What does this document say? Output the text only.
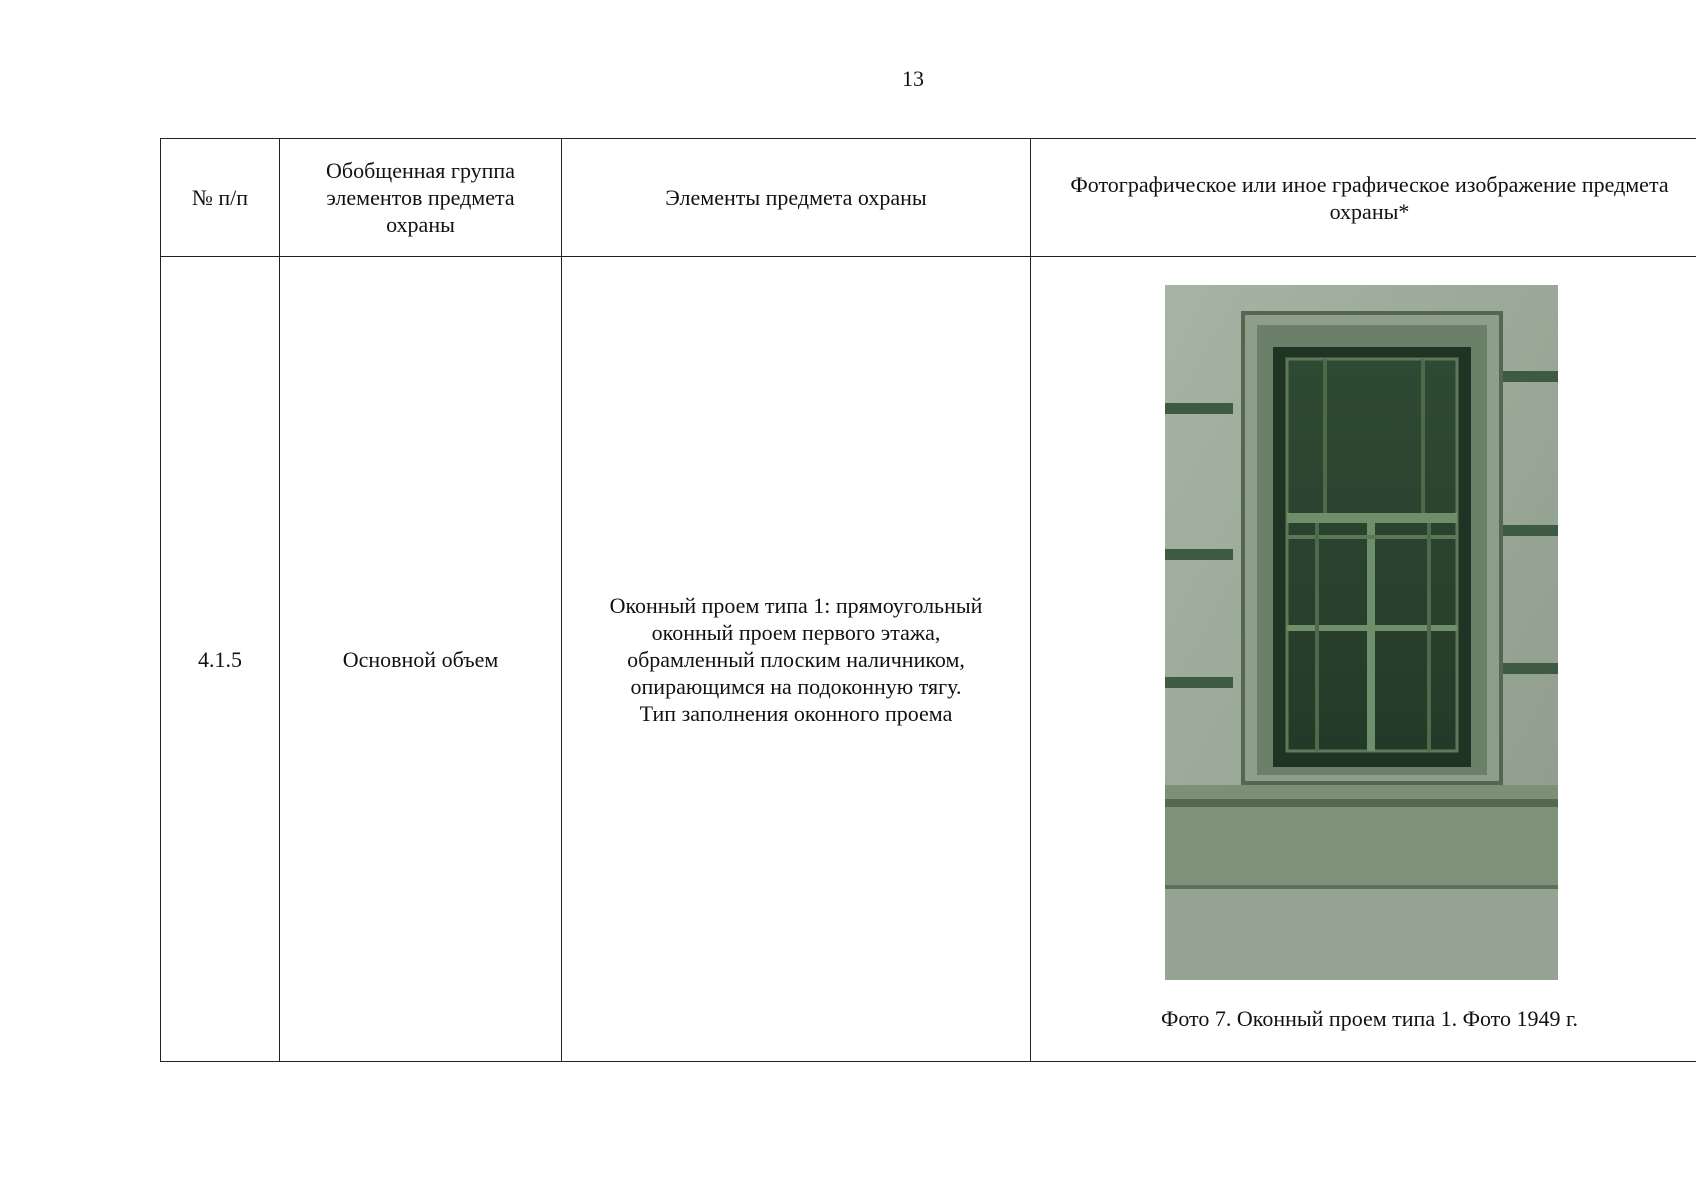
13
№ п/п	Обобщенная группа элементов предмета охраны	Элементы предмета охраны	Фотографическое или иное графическое изображение предмета охраны*
4.1.5	Основной объем	Оконный проем типа 1: прямоугольный
оконный проем первого этажа,
обрамленный плоским наличником,
опирающимся на подоконную тягу.
Тип заполнения оконного проема	Фото 7. Оконный проем типа 1. Фото 1949 г.
